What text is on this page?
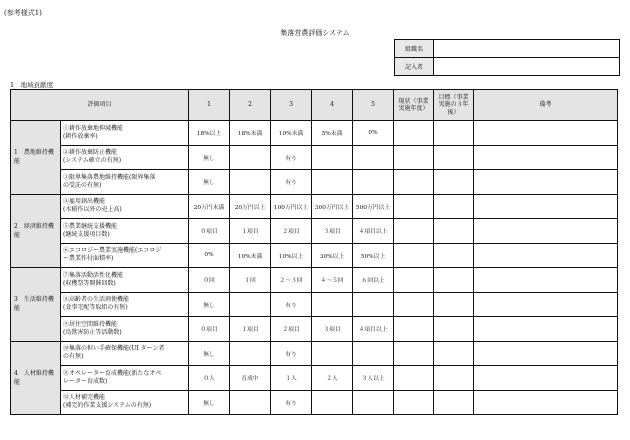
(参考様式1)
集落営農評価システム
組織名	
記入者	
1　地域貢献度
評価項目		1	2	3	4	5	現状（事業実施年度）	目標（事業実施の３年後）	備考
1 農地維持機能	①耕作放棄地抑減機能
(耕作放棄率)	18%以上	18%未満	10%未満	5%未満	0%			

	②耕作放棄防止機能
(システム確立の有無)	無し		有り					

	③限界集落農地維持機能(限界集落
の受託の有無)	無し		有り					
2 経済維持機能	④雇用創出機能
(水稲作以外の売上高)	20万円未満	20万円以上	100万円以上	300万円以上	500万円以上			

	⑤農業継続支援機能
(継続支援項目数)	０項目	１項目	２項目	３項目	４項目以上			

	⑥エコロジー農業実施機能(エコロジ
ー農業作付面積率)	0%	10%未満	10%以上	30%以上	50%以上			
3 生活維持機能	⑦集落活動活性化機能
(収穫祭等開催回数)	０回	１回	２〜３回	４〜５回	６回以上			

	⑧高齢者の生活割便機能
(食事宅配等取組の有無)	無し		有り					

	⑨居住空間維持機能
(鳥獣害防止等活動数)	０項目	１項目	２項目	３項目	４項目以上			
4 人材維持機能	⑩集落の担い手確保機能(UI ターン者
の有無)	無し		有り					

	⑪オペレーター育成機能(新たなオペ
レーター育成数)	０人	育成中	１人	２人	３人以上			

	⑫人材補完機能
(補完的作業支援システムの有無)	無し		有り					
